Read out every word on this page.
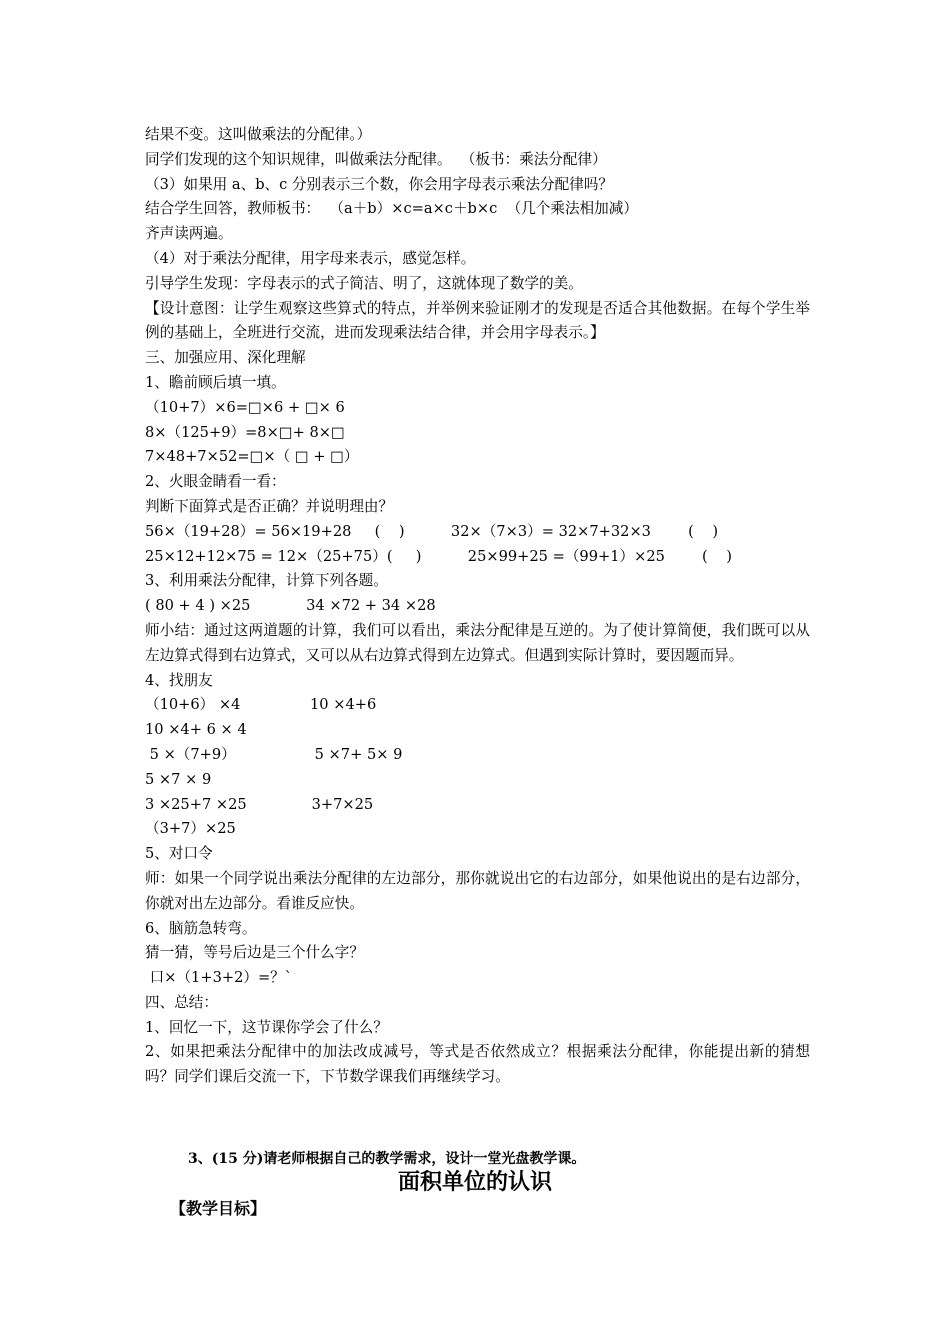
结果不变。这叫做乘法的分配律。）
同学们发现的这个知识规律，叫做乘法分配律。  （板书：乘法分配律）
（3）如果用 a、b、c 分别表示三个数，你会用字母表示乘法分配律吗？
结合学生回答，教师板书：  （a＋b）×c=a×c＋b×c  （几个乘法相加减）
齐声读两遍。
（4）对于乘法分配律，用字母来表示，感觉怎样。
引导学生发现：字母表示的式子简洁、明了，这就体现了数学的美。
【设计意图：让学生观察这些算式的特点，并举例来验证刚才的发现是否适合其他数据。在每个学生举例的基础上，全班进行交流，进而发现乘法结合律，并会用字母表示。】
三、加强应用、深化理解
1、瞻前顾后填一填。
（10+7）×6=□×6 + □× 6
8×（125+9）=8×□+ 8×□
7×48+7×52=□×（ □ + □）
2、火眼金睛看一看：
判断下面算式是否正确？并说明理由？
56×（19+28）= 56×19+28     (    )          32×（7×3）= 32×7+32×3        (    )
25×12+12×75 = 12×（25+75）(     )          25×99+25 =（99+1）×25        (    )
3、利用乘法分配律，计算下列各题。
( 80 + 4 ) ×25            34 ×72 + 34 ×28
师小结：通过这两道题的计算，我们可以看出，乘法分配律是互逆的。为了使计算简便，我们既可以从左边算式得到右边算式，又可以从右边算式得到左边算式。但遇到实际计算时，要因题而异。
4、找朋友
（10+6） ×4               10 ×4+6
10 ×4+ 6 × 4
5 ×（7+9）                 5 ×7+ 5× 9
5 ×7 × 9
3 ×25+7 ×25              3+7×25
（3+7）×25
5、对口令
师：如果一个同学说出乘法分配律的左边部分，那你就说出它的右边部分，如果他说出的是右边部分，你就对出左边部分。看谁反应快。
6、脑筋急转弯。
猜一猜，等号后边是三个什么字？
口×（1+3+2）=？`
四、总结：
1、回忆一下，这节课你学会了什么？
2、如果把乘法分配律中的加法改成减号，等式是否依然成立？根据乘法分配律，你能提出新的猜想吗？同学们课后交流一下，下节数学课我们再继续学习。
3、(15 分)请老师根据自己的教学需求，设计一堂光盘教学课。
面积单位的认识
【教学目标】
